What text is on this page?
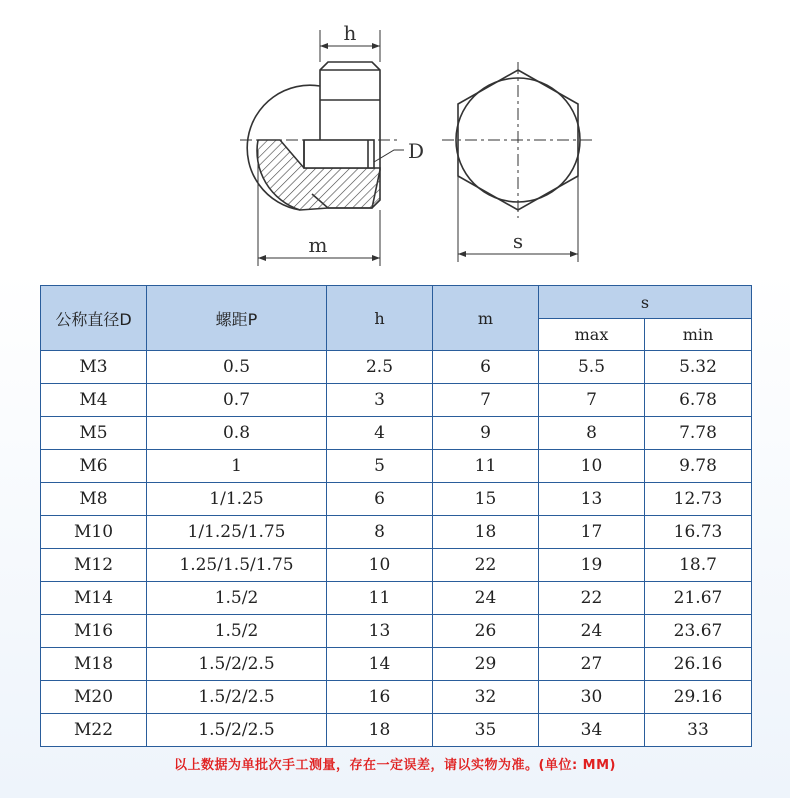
h
D
m	s
公称直径D	螺距P	h	m	s	
				max	min
M3	0.5	2.5	6	5.5	5.32
M4	0.7	3	7	7	6.78
M5	0.8	4	9	8	7.78
M6	1	5	11	10	9.78
M8	1/1.25	6	15	13	12.73
M10	1/1.25/1.75	8	18	17	16.73
M12	1.25/1.5/1.75	10	22	19	18.7
M14	1.5/2	11	24	22	21.67
M16	1.5/2	13	26	24	23.67
M18	1.5/2/2.5	14	29	27	26.16
M20	1.5/2/2.5	16	32	30	29.16
M22	1.5/2/2.5	18	35	34	33
以上数据为单批次手工测量，存在一定误差，请以实物为准。(单位: MM)
